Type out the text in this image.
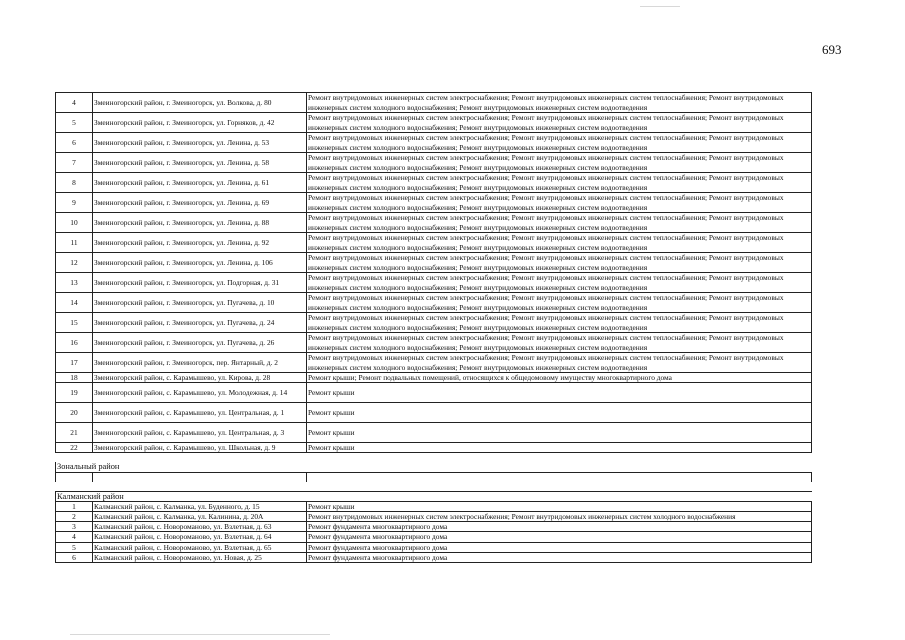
693
4	Змеиногорский район, г. Змеиногорск, ул. Волкова, д. 80	Ремонт внутридомовых инженерных систем электроснабжения; Ремонт внутридомовых инженерных систем теплоснабжения; Ремонт внутридомовых инженерных систем холодного водоснабжения; Ремонт внутридомовых инженерных систем водоотведения
5	Змеиногорский район, г. Змеиногорск, ул. Горняков, д. 42	Ремонт внутридомовых инженерных систем электроснабжения; Ремонт внутридомовых инженерных систем теплоснабжения; Ремонт внутридомовых инженерных систем холодного водоснабжения; Ремонт внутридомовых инженерных систем водоотведения
6	Змеиногорский район, г. Змеиногорск, ул. Ленина, д. 53	Ремонт внутридомовых инженерных систем электроснабжения; Ремонт внутридомовых инженерных систем теплоснабжения; Ремонт внутридомовых инженерных систем холодного водоснабжения; Ремонт внутридомовых инженерных систем водоотведения
7	Змеиногорский район, г. Змеиногорск, ул. Ленина, д. 58	Ремонт внутридомовых инженерных систем электроснабжения; Ремонт внутридомовых инженерных систем теплоснабжения; Ремонт внутридомовых инженерных систем холодного водоснабжения; Ремонт внутридомовых инженерных систем водоотведения
8	Змеиногорский район, г. Змеиногорск, ул. Ленина, д. 61	Ремонт внутридомовых инженерных систем электроснабжения; Ремонт внутридомовых инженерных систем теплоснабжения; Ремонт внутридомовых инженерных систем холодного водоснабжения; Ремонт внутридомовых инженерных систем водоотведения
9	Змеиногорский район, г. Змеиногорск, ул. Ленина, д. 69	Ремонт внутридомовых инженерных систем электроснабжения; Ремонт внутридомовых инженерных систем теплоснабжения; Ремонт внутридомовых инженерных систем холодного водоснабжения; Ремонт внутридомовых инженерных систем водоотведения
10	Змеиногорский район, г. Змеиногорск, ул. Ленина, д. 88	Ремонт внутридомовых инженерных систем электроснабжения; Ремонт внутридомовых инженерных систем теплоснабжения; Ремонт внутридомовых инженерных систем холодного водоснабжения; Ремонт внутридомовых инженерных систем водоотведения
11	Змеиногорский район, г. Змеиногорск, ул. Ленина, д. 92	Ремонт внутридомовых инженерных систем электроснабжения; Ремонт внутридомовых инженерных систем теплоснабжения; Ремонт внутридомовых инженерных систем холодного водоснабжения; Ремонт внутридомовых инженерных систем водоотведения
12	Змеиногорский район, г. Змеиногорск, ул. Ленина, д. 106	Ремонт внутридомовых инженерных систем электроснабжения; Ремонт внутридомовых инженерных систем теплоснабжения; Ремонт внутридомовых инженерных систем холодного водоснабжения; Ремонт внутридомовых инженерных систем водоотведения
13	Змеиногорский район, г. Змеиногорск, ул. Подгорная, д. 31	Ремонт внутридомовых инженерных систем электроснабжения; Ремонт внутридомовых инженерных систем теплоснабжения; Ремонт внутридомовых инженерных систем холодного водоснабжения; Ремонт внутридомовых инженерных систем водоотведения
14	Змеиногорский район, г. Змеиногорск, ул. Пугачева, д. 10	Ремонт внутридомовых инженерных систем электроснабжения; Ремонт внутридомовых инженерных систем теплоснабжения; Ремонт внутридомовых инженерных систем холодного водоснабжения; Ремонт внутридомовых инженерных систем водоотведения
15	Змеиногорский район, г. Змеиногорск, ул. Пугачева, д. 24	Ремонт внутридомовых инженерных систем электроснабжения; Ремонт внутридомовых инженерных систем теплоснабжения; Ремонт внутридомовых инженерных систем холодного водоснабжения; Ремонт внутридомовых инженерных систем водоотведения
16	Змеиногорский район, г. Змеиногорск, ул. Пугачева, д. 26	Ремонт внутридомовых инженерных систем электроснабжения; Ремонт внутридомовых инженерных систем теплоснабжения; Ремонт внутридомовых инженерных систем холодного водоснабжения; Ремонт внутридомовых инженерных систем водоотведения
17	Змеиногорский район, г. Змеиногорск, пер. Янтарный, д. 2	Ремонт внутридомовых инженерных систем электроснабжения; Ремонт внутридомовых инженерных систем теплоснабжения; Ремонт внутридомовых инженерных систем холодного водоснабжения; Ремонт внутридомовых инженерных систем водоотведения
18	Змеиногорский район, с. Карамышево, ул. Кирова, д. 28	Ремонт крыши; Ремонт подвальных помещений, относящихся к общедомовому имуществу многоквартирного дома
19	Змеиногорский район, с. Карамышево, ул. Молодежная, д. 14	Ремонт крыши
20	Змеиногорский район, с. Карамышево, ул. Центральная, д. 1	Ремонт крыши
21	Змеиногорский район, с. Карамышево, ул. Центральная, д. 3	Ремонт крыши
22	Змеиногорский район, с. Карамышево, ул. Школьная, д. 9	Ремонт крыши

Зональный район		

Калманский район		
1	Калманский район, с. Калманка, ул. Буденного, д. 15	Ремонт крыши
2	Калманский район, с. Калманка, ул. Калинина, д. 20А	Ремонт внутридомовых инженерных систем электроснабжения; Ремонт внутридомовых инженерных систем холодного водоснабжения
3	Калманский район, с. Новороманово, ул. Взлетная, д. 63	Ремонт фундамента многоквартирного дома
4	Калманский район, с. Новороманово, ул. Взлетная, д. 64	Ремонт фундамента многоквартирного дома
5	Калманский район, с. Новороманово, ул. Взлетная, д. 65	Ремонт фундамента многоквартирного дома
6	Калманский район, с. Новороманово, ул. Новая, д. 25	Ремонт фундамента многоквартирного дома
